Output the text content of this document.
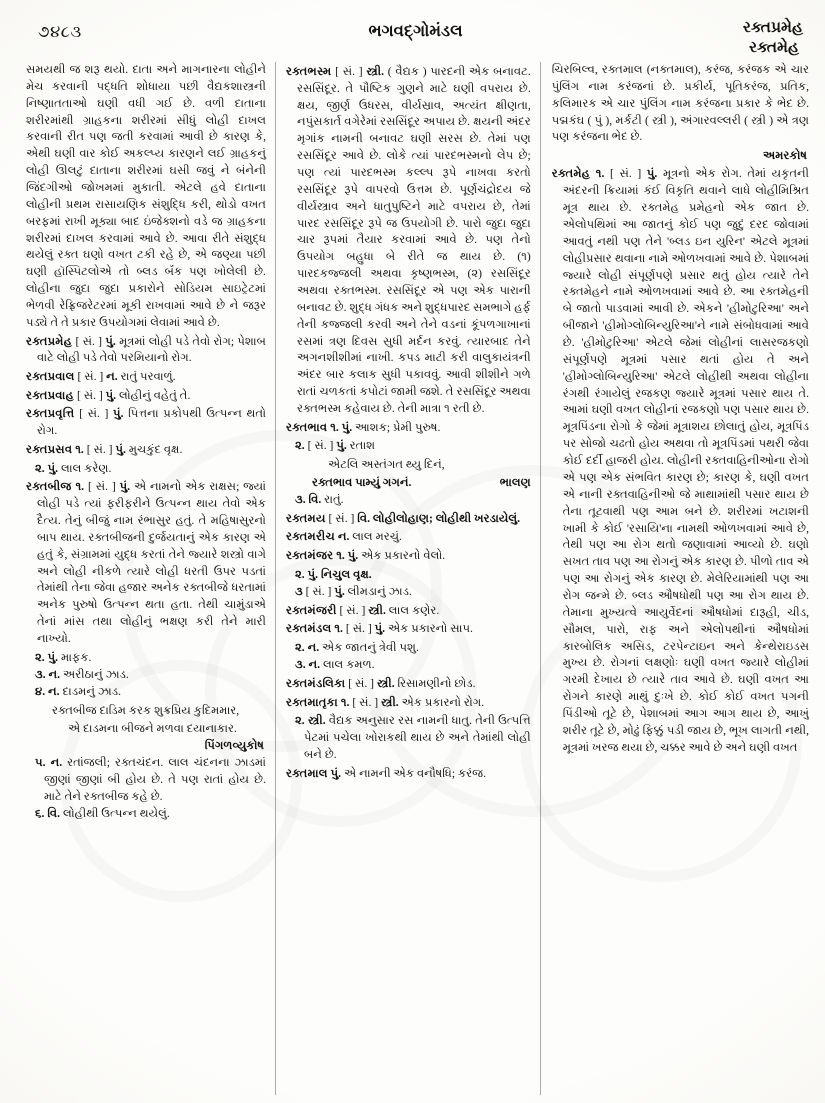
૭૪૮૩	ભગવદ્ગોમંડલ	રક્તપ્રમેહ
રક્તમેહ

સમયથી જ શરૂ થયો. દાતા અને માગનારના લોહીને મેચ કરવાની પદ્ધતિ શોધાયા પછી વૈદ્યકશાસ્ત્રની નિષ્ણાતતાઓ ઘણી વધી ગઈ છે. વળી દાતાના શરીરમાંથી ગ્રાહકના શરીરમાં સીધું લોહી દાખલ કરવાની રીત પણ જતી કરવામાં આવી છે કારણ કે, એથી ઘણી વાર કોઈ અકલ્પ્ય કારણને લઈ ગ્રાહકનું લોહી ઊલટું દાતાના શરીરમાં ઘસી જવું ને બંનેની જિંદગીઓ જોખમમાં મુકાતી. એટલે હવે દાતાના લોહીની પ્રથમ રાસાયણિક સંશુદ્ધિ કરી, થોડો વખત બરફમાં રાખી મૂક્યા બાદ ઇંજેક્શનો વડે જ ગ્રાહકના શરીરમાં દાખલ કરવામાં આવે છે. આવા રીતે સંશુદ્ધ થયેલું રક્ત ઘણો વખત ટકી રહે છે, એ જણ્યા પછી ઘણી હૉસ્પિટલોએ તો બ્લડ બૅંક પણ ખોલેલી છે. લોહીના જુદા જુદા પ્રકારોને સોડિયમ સાઇટ્રેટમાં ભેળવી રેફ્રિજરેટરમાં મૂકી રાખવામાં આવે છે ને જરૂર પડ્યે તે તે પ્રકાર ઉપયોગમાં લેવામાં આવે છે.

રક્તપ્રમેહ [ સં. ] પું. મૂત્રમાં લોહી પડે તેવો રોગ; પેશાબ વાટે લોહી પડે તેવો પરમિયાનો રોગ.

રક્તપ્રવાલ [ સં. ] ન. રાતું પરવાળું.

રક્તપ્રવાહ [ સં. ] પું. લોહીનું વહેતું તે.

રક્તપ્રવૃત્તિ [ સં. ] પું. પિત્તના પ્રકોપથી ઉત્પન્ન થતો રોગ.

રક્તપ્રસવ ૧. [ સં. ] પું. મુચકુંદ વૃક્ષ.

૨. પું. લાલ કરેણ.

રક્તબીજ ૧. [ સં. ] પું. એ નામનો એક રાક્ષસ; જ્યાં લોહી પડે ત્યાં ફરીફરીને ઉત્પન્ન થાય તેવો એક દૈત્ય. તેનું બીજું નામ રંભાસુર હતું. તે મહિષાસુરનો બાપ થાય. રક્તબીજની દુર્જયતાનું એક કારણ એ હતું કે, સંગ્રામમાં યુદ્ધ કરતાં તેને જ્યારે શસ્ત્રો વાગે અને લોહી નીકળે ત્યારે લોહી ધરતી ઉપર પડતાં તેમાંથી તેના જેવા હજાર અનેક રક્તબીજે ધરતામાં અનેક પુરુષો ઉત્પન્ન થતા હતા. તેથી ચામુંડાએ તેનાં માંસ તથા લોહીનું ભક્ષણ કરી તેને મારી નાખ્યો.

૨. પું. માફક.

૩. ન. અરીઠાનું ઝાડ.

૪. ન. દાડમનું ઝાડ.

રક્તબીજ દાડિમ કરક શુક્રપ્રિય કુદિમમાર,
એ દાડમના બીજને મળવા દયાનાકાર.
પિંગળવ્યુકોષ

૫. ન. રતાંજલી; રક્તચંદન. લાલ ચંદનના ઝાડમાં જીણાં જીણાં બી હોય છે. તે પણ રાતાં હોય છે. માટે તેને રક્તબીજ કહે છે.

૬. વિ. લોહીથી ઉત્પન્ન થયેલું.

રક્તભસ્મ [ સં. ] સ્ત્રી. ( વૈદ્યક ) પારદની એક બનાવટ. રસસિંદૂર. તે પૌષ્ટિક ગુણને માટે ઘણી વપરાય છે. ક્ષય, જીર્ણ ઉધરસ, વીર્યસ્રાવ, અત્યંત ક્ષીણતા, નપુંસકાર્ત વગેરેમાં રસસિંદૂર અપાય છે. ક્ષયની અંદર મૃગાંક નામની બનાવટ ઘણી સરસ છે. તેમાં પણ રસસિંદૂર આવે છે. લોકે ત્યાં પારદભસ્મનો લેપ છે; પણ ત્યાં પારદભસ્મ કલ્લ્પ રૂપે નાખવા કરતો રસસિંદૂર રૂપે વાપરવો ઉત્તમ છે. પૂર્ણચંદ્રોદય જે વીર્યસ્ત્રાવ અને ધાતુપુષ્ટિને માટે વપરાય છે, તેમાં પારદ રસસિંદૂર રૂપે જ ઉપયોગી છે. પારો જુદા જુદા ચાર રૂપમાં તૈયાર કરવામાં આવે છે. પણ તેનો ઉપયોગ બહુધા બે રીતે જ થાય છે. (૧) પારદકજ્જલી અથવા કૃષ્ણભસ્મ, (૨) રસસિંદૂર અથવા રક્તભસ્મ. રસસિંદૂર એ પણ એક પારાની બનાવટ છે. શુદ્ધ ગંધક અને શુદ્ધપારદ સમભાગે હર્ફ તેની કજ્જલી કરવી અને તેને વડનાં કૂંપળગાખાનાં રસમાં ત્રણ દિવસ સુધી મર્દન કરવું. ત્યારબાદ તેને અગનશીશીમાં નાખી. કપડ માટી કરી વાલુકાયંત્રની અંદર બાર કલાક સુધી પકાવવું. આવી શીશીને ગળે રાતાં ચળકતાં કપોટાં જામી જશે. તે રસસિંદૂર અથવા રક્તભસ્મ કહેવાય છે. તેની માત્રા ૧ રતી છે.

રક્તભાવ ૧. પું. આશક; પ્રેમી પુરુષ.

૨. [ સં. ] પું. રતાશ

એટલિ અસ્તંગત થ્યુ દિનં,
ભાલણ
રક્તભાવ પામ્યું ગગનં.

૩. વિ. રાતું.

રક્તમય [ સં. ] વિ. લોહીલોહાણ; લોહીથી ખરડાયેલું.

રક્તમરીચ ન. લાલ મરચું.

રક્તમંજર ૧. પું. એક પ્રકારનો વેલો.

૨. પું. નિચુલ વૃક્ષ.

૩ [ સં. ] પું. લીમડાનું ઝાડ.

રક્તમંજરી [ સં. ] સ્ત્રી. લાલ કણેર.

રક્તમંડલ ૧. [ સં. ] પું. એક પ્રકારનો સાપ.

૨. ન. એક જાતનું ત્રેવી પશુ.

૩. ન. લાલ કમળ.

રક્તમંડલિકા [ સં. ] સ્ત્રી. રિસામણીનો છોડ.

રક્તમાતૃકા ૧. [ સં. ] સ્ત્રી. એક પ્રકારનો રોગ.

૨. સ્ત્રી. વૈદ્યક અનુસાર રસ નામની ધાતુ. તેની ઉત્પત્તિ પેટમાં પચેલા ખોરાકથી થાય છે અને તેમાંથી લોહી બને છે.

રક્તમાલ પું. એ નામની એક વનૌષધિ; કરંજ.

ચિરબિલ્વ, રક્તમાલ (નક્તમાલ), કરંજ, કરંજક એ ચાર પુંલિંગ નામ કરંજનાં છે. પ્રકીર્ય, પૂતિકરંજ, પ્રતિક, કલિમારક એ ચાર પુંલિંગ નામ કરંજના પ્રકાર કે ભેદ છે. પદ્મકંઘ ( પું ), મર્કટી ( સ્ત્રી ), અંગારવલ્લરી ( સ્ત્રી ) એ ત્રણ પણ કરંજના ભેદ છે.

અમરકોષ

રક્તમેહ ૧. [ સં. ] પું. મૂત્રનો એક રોગ. તેમાં યકૃતની અંદરની ક્રિયામાં કંઈ વિકૃતિ થવાને લાધે લોહીમિશ્રિત મૂત્ર થાય છે. રક્તમેહ પ્રમેહનો એક જાત છે. એલોપથિમાં આ જાતનું કોઈ પણ જુદું દરદ જોવામાં આવતું નથી પણ તેને 'બ્લડ ઇન યુરિન' એટલે મૂત્રમાં લોહીપ્રસાર થવાના નામે ઓળખવામાં આવે છે. પેશાબમાં જ્યારે લોહી સંપૂર્ણપણે પ્રસાર થતું હોય ત્યારે તેને રક્તમેહને નામે ઓળખવામાં આવે છે. આ રક્તમેહની બે જાતો પાડવામાં આવી છે. એકને 'હીમોટુરિઆ' અને બીજાને 'હીમોગ્લોબિન્યુરિઆ'ને નામે સંબોધવામાં આવે છે. 'હીમોટુરિઆ' એટલે જેમાં લોહીનાં લાસરજકણો સંપૂર્ણપણે મૂત્રમાં પસાર થતાં હોય તે અને 'હીમોગ્લોબિન્યુરિઆ' એટલે લોહીથી અથવા લોહીના રંગથી રંગાયેલું રજકણ જ્યારે મૂત્રમાં પસાર થાય તે. આમાં ઘણી વખત લોહીનાં રજકણો પણ પસાર થાય છે. મૂત્રપિંડના રોગો કે જેમાં મૂત્રાશય છોલાતું હોય, મૂત્રપિંડ પર સોજો ચઢતો હોય અથવા તો મૂત્રપિંડમાં પથરી જેવા કોઈ દર્દી હાજરી હોય. લોહીની રક્તવાહિનીઓના રોગો એ પણ એક સંભવિત કારણ છે; કારણ કે, ઘણી વખત એ નાની રક્તવાહિનીઓ જે માથામાંથી પસાર થાય છે તેના તૂટવાથી પણ આમ બને છે. શરીરમાં ખટાશની ખામી કે કોઈ 'રસાયિ'ના નામથી ઓળખવામાં આવે છે, તેથી પણ આ રોગ થતો જણાવામાં આવ્યો છે. ઘણો સખત તાવ પણ આ રોગનું એક કારણ છે. પીળો તાવ એ પણ આ રોગનું એક કારણ છે. મેલેરિયામાંથી પણ આ રોગ જન્મે છે. બ્લડ ઔષધોથી પણ આ રોગ થાય છે. તેમાના મુખ્યત્વે આયુર્વેદનાં ઔષધોમાં દારૂહી, ચીડ, સૌમલ, પારો, રાફ અને એલોપથીનાં ઔષધોમાં કારબોલિક અસિડ, ટરપેન્ટાઇન અને કેન્થેરાઇડસ મુખ્ય છે. રોગનાં લક્ષણોઃ ઘણી વખત જ્યારે લોહીમાં ગરમી દેખાય છે ત્યારે તાવ આવે છે. ઘણી વખત આ રોગને કારણે માથું દુઃખે છે. કોઈ કોઈ વખત પગની પિંડીઓ તૂટે છે, પેશાબમાં આગ આગ થાય છે, આખું શરીર તૂટે છે, મોઢું ફિક્કું પડી જાય છે, ભૂખ લાગતી નથી, મૂત્રમાં ખરજ થયા છે, ચક્કર આવે છે અને ઘણી વખત
